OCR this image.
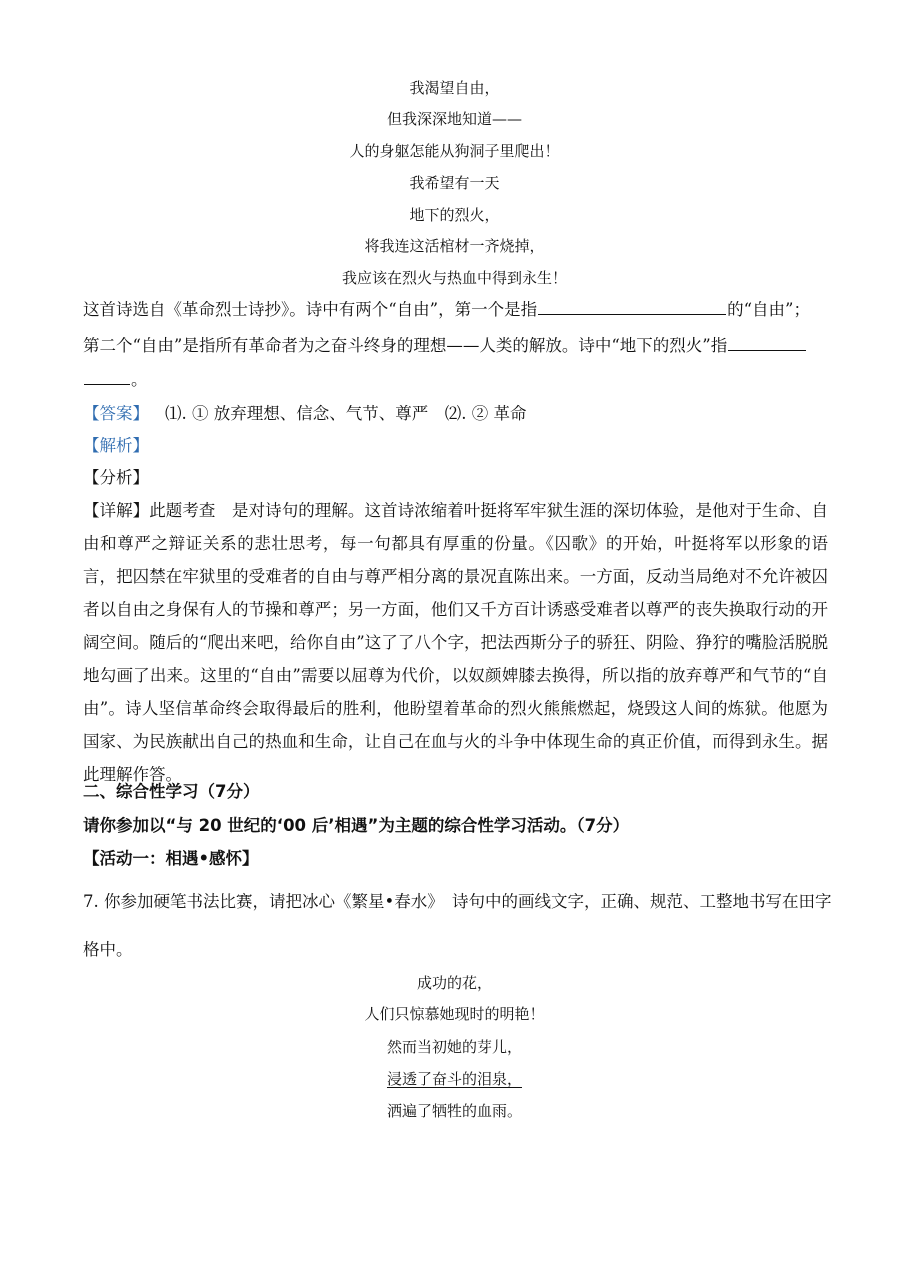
我渴望自由，
但我深深地知道——
人的身躯怎能从狗洞子里爬出！
我希望有一天
地下的烈火，
将我连这活棺材一齐烧掉，
我应该在烈火与热血中得到永生！
这首诗选自《革命烈士诗抄》。诗中有两个“自由”，第一个是指	的“自由”；
第二个“自由”是指所有革命者为之奋斗终身的理想——人类的解放。诗中“地下的烈火”指
。
【答案】 ⑴. ① 放弃理想、信念、气节、尊严　⑵. ② 革命
【解析】
【分析】
【详解】此题考查　是对诗句的理解。这首诗浓缩着叶挺将军牢狱生涯的深切体验，是他对于生命、自由和尊严之辩证关系的悲壮思考，每一句都具有厚重的份量。《囚歌》的开始，叶挺将军以形象的语言，把囚禁在牢狱里的受难者的自由与尊严相分离的景况直陈出来。一方面，反动当局绝对不允许被囚者以自由之身保有人的节操和尊严；另一方面，他们又千方百计诱惑受难者以尊严的丧失换取行动的开阔空间。随后的“爬出来吧，给你自由”这了了八个字，把法西斯分子的骄狂、阴险、狰狞的嘴脸活脱脱地勾画了出来。这里的“自由”需要以屈尊为代价，以奴颜婢膝去换得，所以指的放弃尊严和气节的“自由”。诗人坚信革命终会取得最后的胜利，他盼望着革命的烈火熊熊燃起，烧毁这人间的炼狱。他愿为国家、为民族献出自己的热血和生命，让自己在血与火的斗争中体现生命的真正价值，而得到永生。据此理解作答。
二、综合性学习（7分）
请你参加以“与 20 世纪的‘00 后’相遇”为主题的综合性学习活动。（7分）
【活动一：相遇•感怀】
7. 你参加硬笔书法比赛，请把冰心《繁星•春水》　诗句中的画线文字，正确、规范、工整地书写在田字
格中。
成功的花，
人们只惊慕她现时的明艳！
然而当初她的芽儿，
浸透了奋斗的泪泉，
洒遍了牺牲的血雨。
